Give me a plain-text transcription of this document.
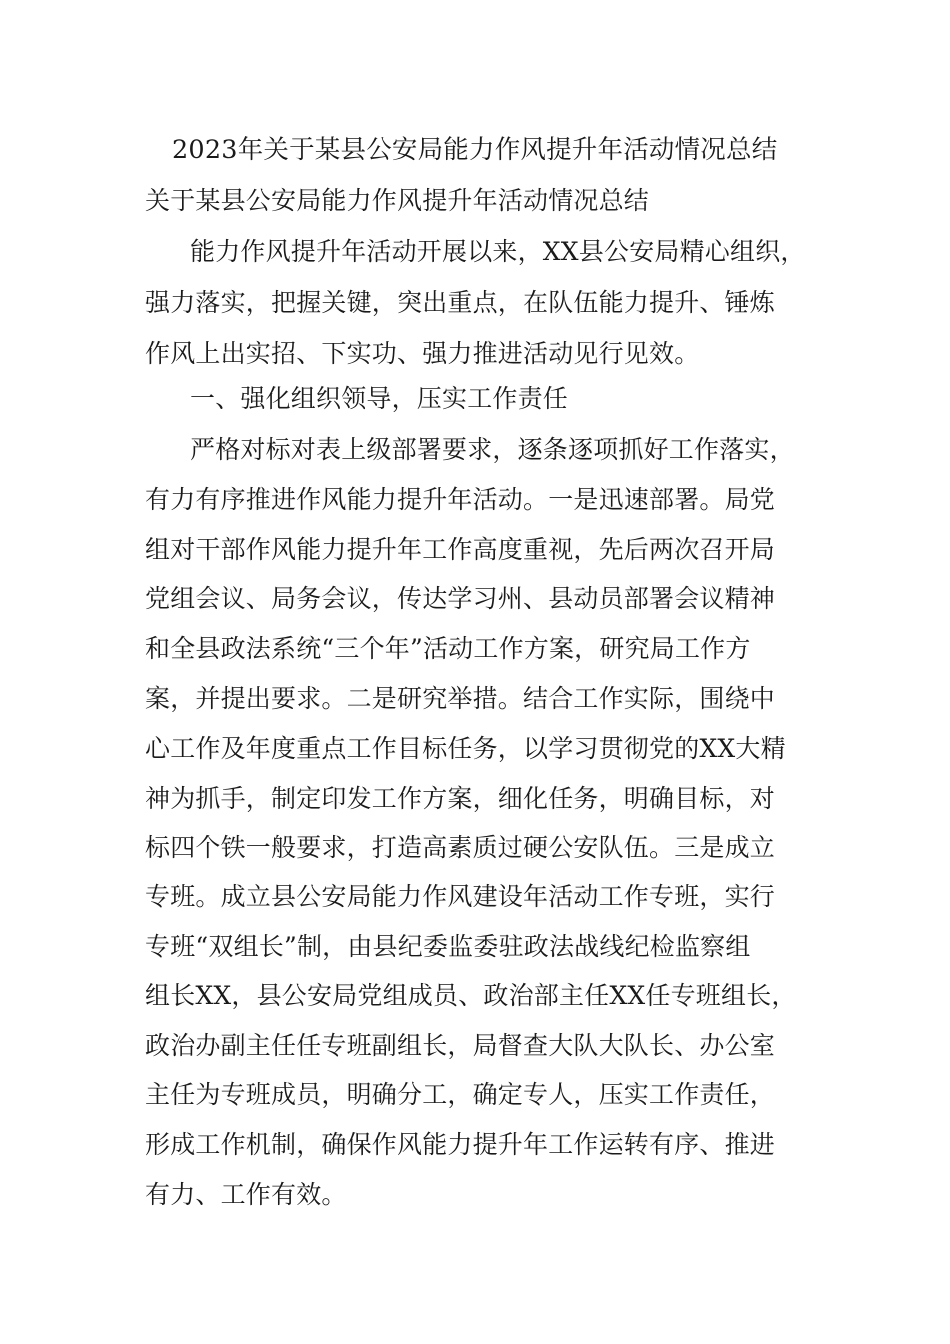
2023年关于某县公安局能力作风提升年活动情况总结
关于某县公安局能力作风提升年活动情况总结
能力作风提升年活动开展以来，XX县公安局精心组织，
强力落实，把握关键，突出重点，在队伍能力提升、锤炼
作风上出实招、下实功、强力推进活动见行见效。
一、强化组织领导，压实工作责任
严格对标对表上级部署要求，逐条逐项抓好工作落实，
有力有序推进作风能力提升年活动。一是迅速部署。局党
组对干部作风能力提升年工作高度重视，先后两次召开局
党组会议、局务会议，传达学习州、县动员部署会议精神
和全县政法系统“三个年”活动工作方案，研究局工作方
案，并提出要求。二是研究举措。结合工作实际，围绕中
心工作及年度重点工作目标任务，以学习贯彻党的XX大精
神为抓手，制定印发工作方案，细化任务，明确目标，对
标四个铁一般要求，打造高素质过硬公安队伍。三是成立
专班。成立县公安局能力作风建设年活动工作专班，实行
专班“双组长”制，由县纪委监委驻政法战线纪检监察组
组长XX，县公安局党组成员、政治部主任XX任专班组长，
政治办副主任任专班副组长，局督查大队大队长、办公室
主任为专班成员，明确分工，确定专人，压实工作责任，
形成工作机制，确保作风能力提升年工作运转有序、推进
有力、工作有效。
